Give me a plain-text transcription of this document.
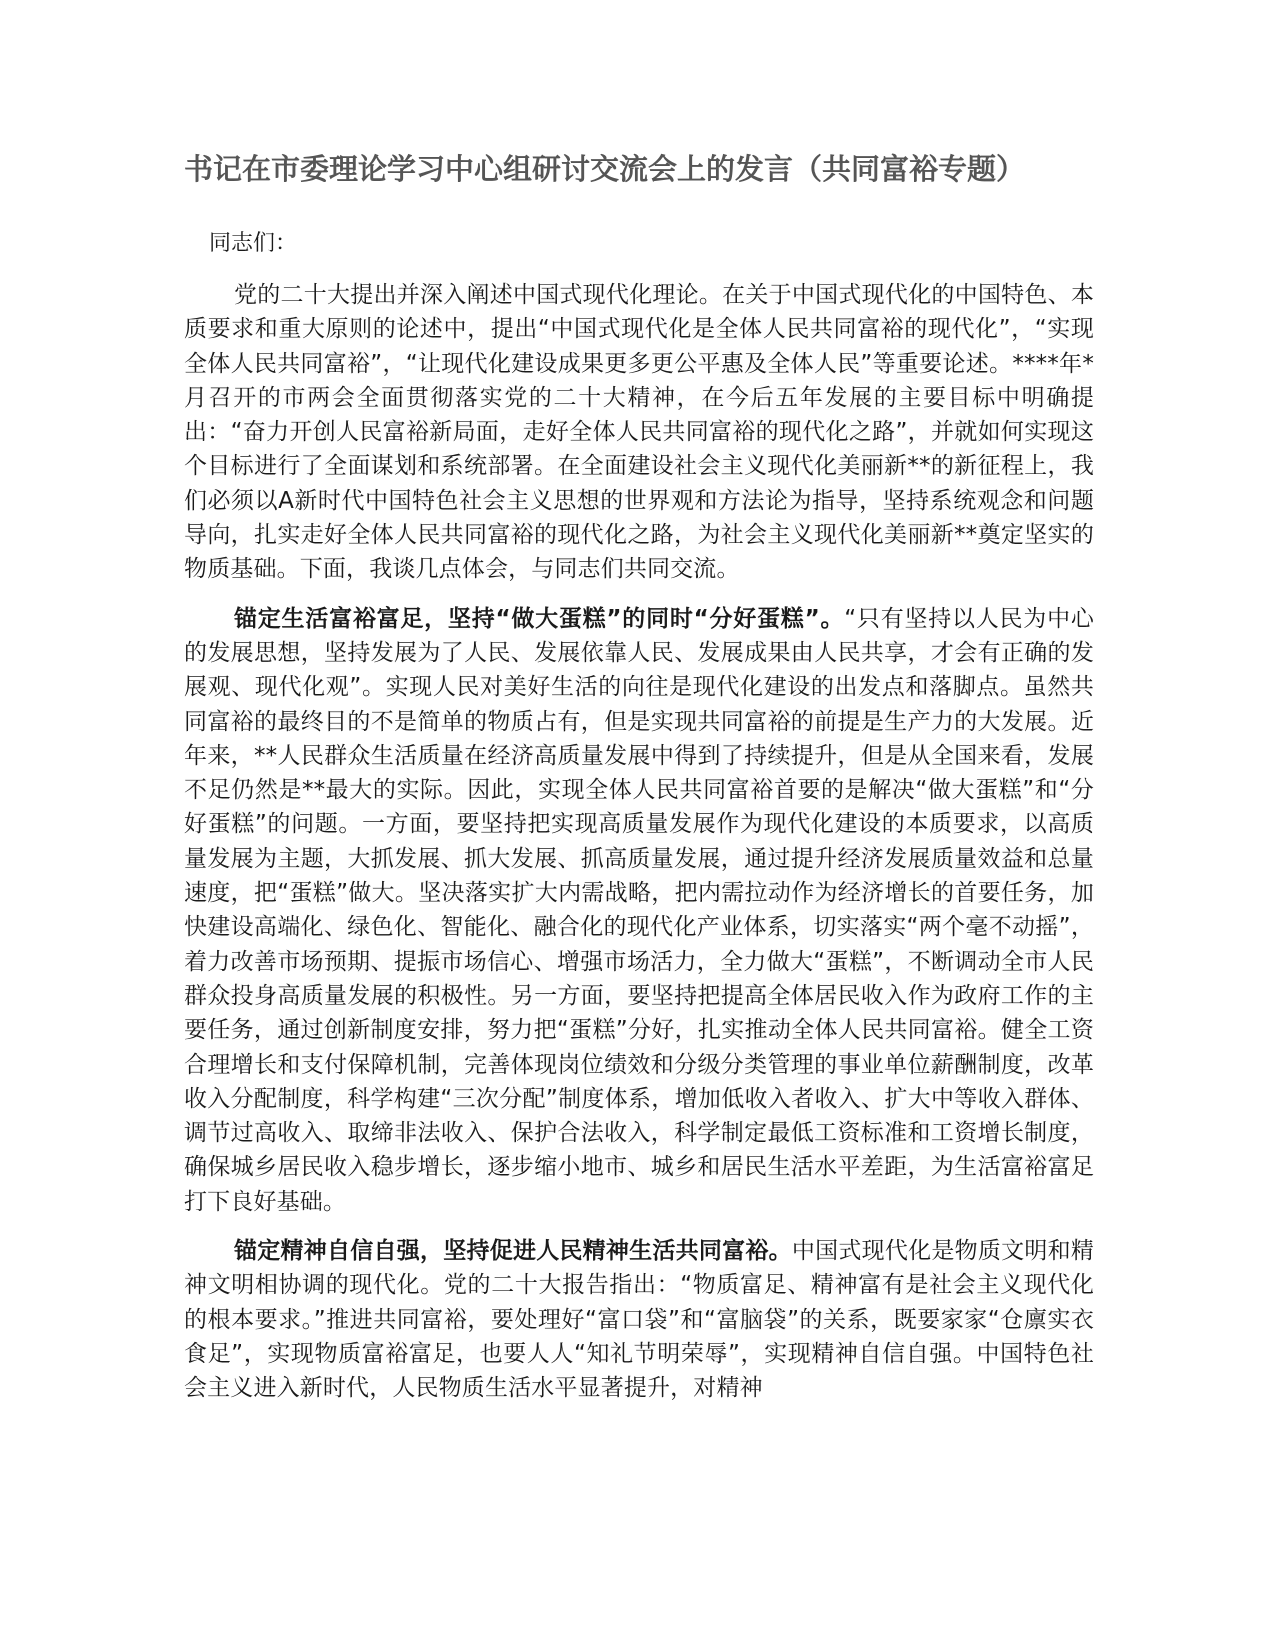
书记在市委理论学习中心组研讨交流会上的发言（共同富裕专题）

同志们：

党的二十大提出并深入阐述中国式现代化理论。在关于中国式现代化的中国特色、本质要求和重大原则的论述中，提出“中国式现代化是全体人民共同富裕的现代化”，“实现全体人民共同富裕”，“让现代化建设成果更多更公平惠及全体人民”等重要论述。****年*月召开的市两会全面贯彻落实党的二十大精神，在今后五年发展的主要目标中明确提出：“奋力开创人民富裕新局面，走好全体人民共同富裕的现代化之路”，并就如何实现这个目标进行了全面谋划和系统部署。在全面建设社会主义现代化美丽新**的新征程上，我们必须以A新时代中国特色社会主义思想的世界观和方法论为指导，坚持系统观念和问题导向，扎实走好全体人民共同富裕的现代化之路，为社会主义现代化美丽新**奠定坚实的物质基础。下面，我谈几点体会，与同志们共同交流。

锚定生活富裕富足，坚持“做大蛋糕”的同时“分好蛋糕”。“只有坚持以人民为中心的发展思想，坚持发展为了人民、发展依靠人民、发展成果由人民共享，才会有正确的发展观、现代化观”。实现人民对美好生活的向往是现代化建设的出发点和落脚点。虽然共同富裕的最终目的不是简单的物质占有，但是实现共同富裕的前提是生产力的大发展。近年来，**人民群众生活质量在经济高质量发展中得到了持续提升，但是从全国来看，发展不足仍然是**最大的实际。因此，实现全体人民共同富裕首要的是解决“做大蛋糕”和“分好蛋糕”的问题。一方面，要坚持把实现高质量发展作为现代化建设的本质要求，以高质量发展为主题，大抓发展、抓大发展、抓高质量发展，通过提升经济发展质量效益和总量速度，把“蛋糕”做大。坚决落实扩大内需战略，把内需拉动作为经济增长的首要任务，加快建设高端化、绿色化、智能化、融合化的现代化产业体系，切实落实“两个毫不动摇”，着力改善市场预期、提振市场信心、增强市场活力，全力做大“蛋糕”，不断调动全市人民群众投身高质量发展的积极性。另一方面，要坚持把提高全体居民收入作为政府工作的主要任务，通过创新制度安排，努力把“蛋糕”分好，扎实推动全体人民共同富裕。健全工资合理增长和支付保障机制，完善体现岗位绩效和分级分类管理的事业单位薪酬制度，改革收入分配制度，科学构建“三次分配”制度体系，增加低收入者收入、扩大中等收入群体、调节过高收入、取缔非法收入、保护合法收入，科学制定最低工资标准和工资增长制度，确保城乡居民收入稳步增长，逐步缩小地市、城乡和居民生活水平差距，为生活富裕富足打下良好基础。

锚定精神自信自强，坚持促进人民精神生活共同富裕。中国式现代化是物质文明和精神文明相协调的现代化。党的二十大报告指出：“物质富足、精神富有是社会主义现代化的根本要求。”推进共同富裕，要处理好“富口袋”和“富脑袋”的关系，既要家家“仓廪实衣食足”，实现物质富裕富足，也要人人“知礼节明荣辱”，实现精神自信自强。中国特色社会主义进入新时代，人民物质生活水平显著提升，对精神
